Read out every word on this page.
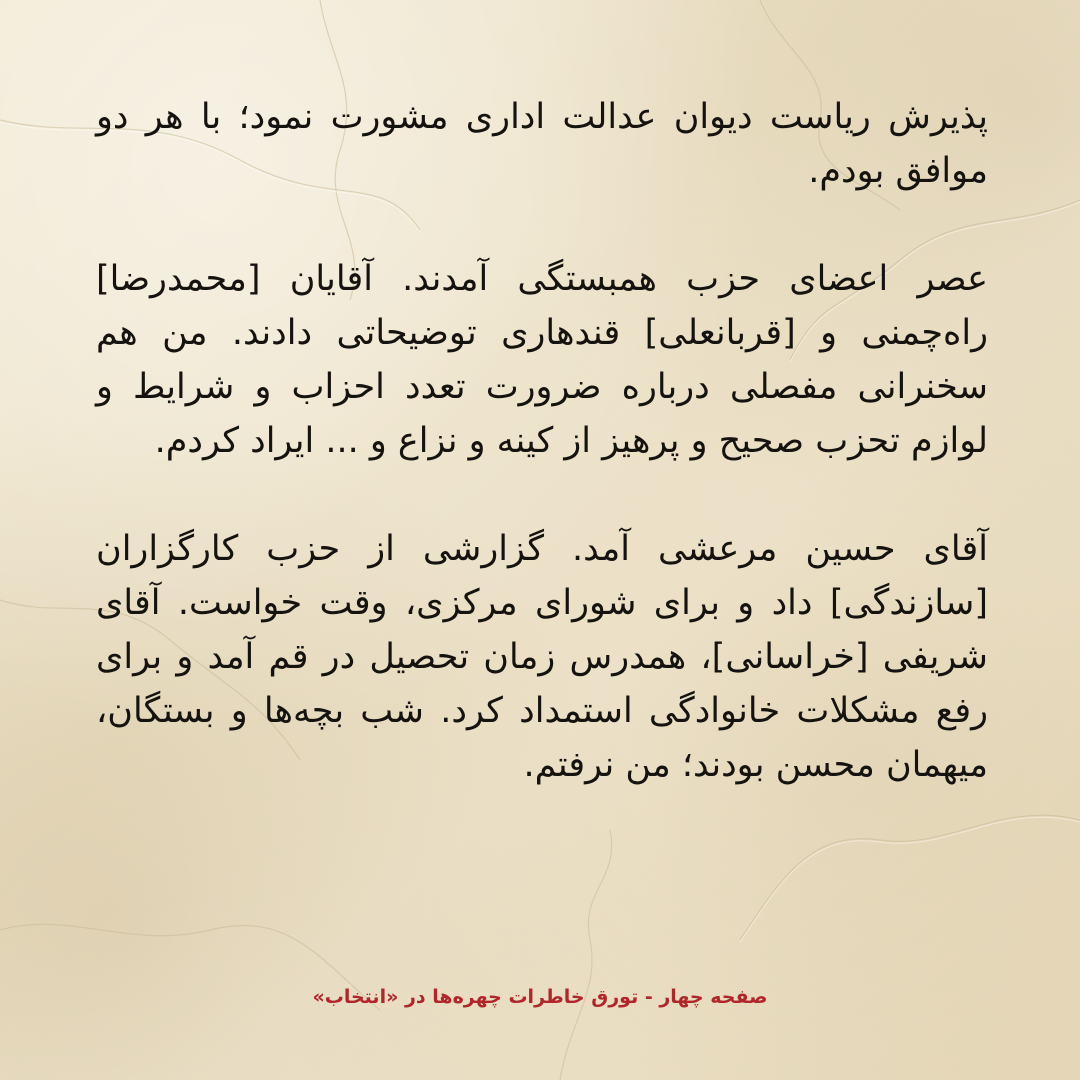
پذیرش ریاست دیوان عدالت اداری مشورت نمود؛ با هر دو موافق بودم.

عصر اعضای حزب همبستگی آمدند. آقایان [محمدرضا] راه‌چمنی و [قربانعلی] قندهاری توضیحاتی دادند. من هم سخنرانی مفصلی درباره ضرورت تعدد احزاب و شرایط و لوازم تحزب صحیح و پرهیز از کینه و نزاع و ... ایراد کردم.

آقای حسین مرعشی آمد. گزارشی از حزب کارگزاران [سازندگی] داد و برای شورای مرکزی، وقت خواست. آقای شریفی [خراسانی]، همدرس زمان تحصیل در قم آمد و برای رفع مشکلات خانوادگی استمداد کرد. شب بچه‌ها و بستگان، میهمان محسن بودند؛ من نرفتم.

صفحه چهار - تورق خاطرات چهره‌ها در «انتخاب»
